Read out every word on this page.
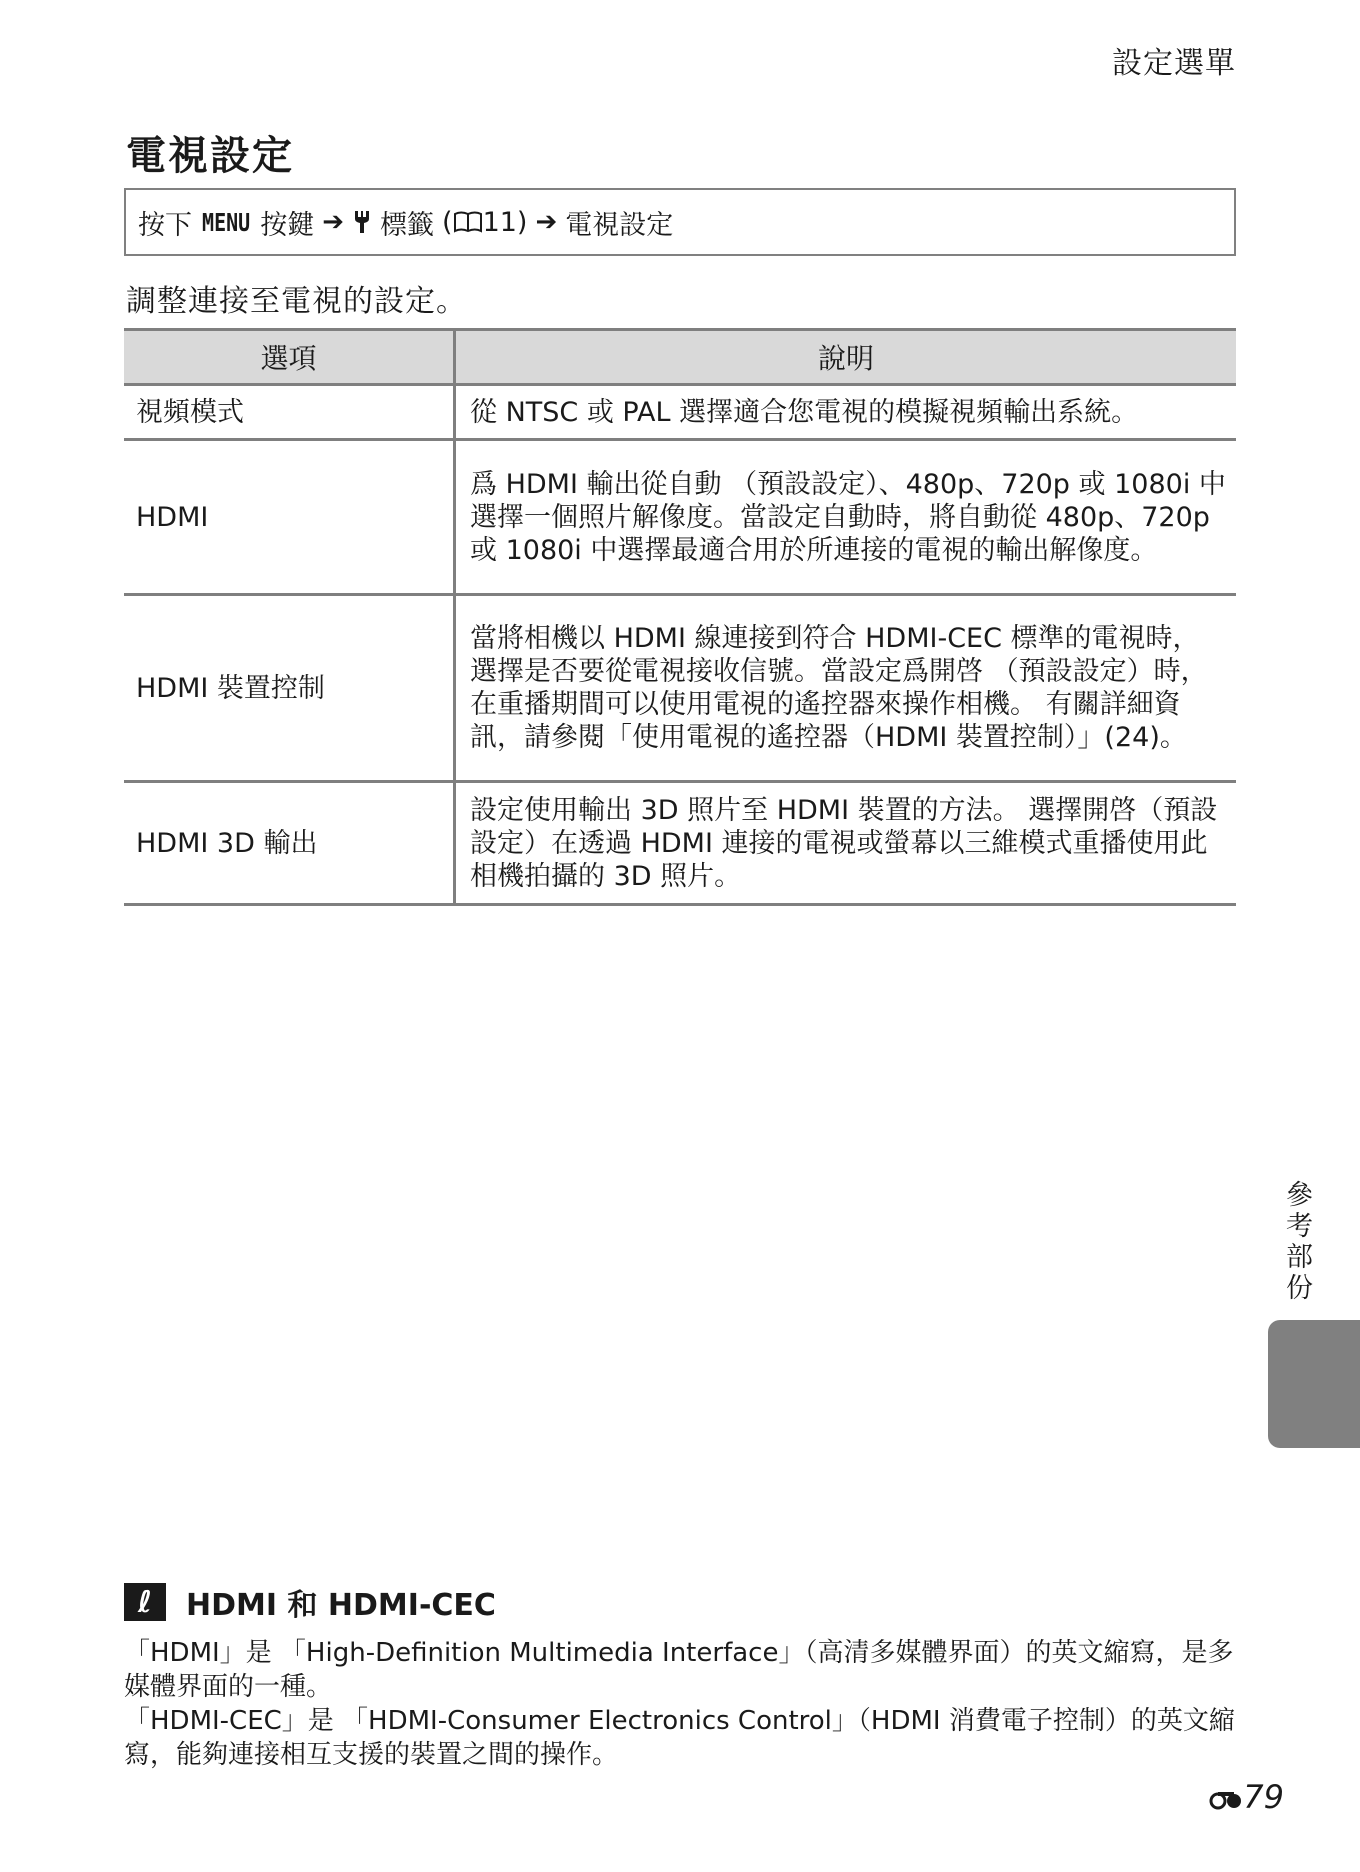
設定選單
電視設定
按下 MENU 按鍵 ➔ 標籤 ( 11) ➔ 電視設定
調整連接至電視的設定。
選項	說明
視頻模式	從 NTSC 或 PAL 選擇適合您電視的模擬視頻輸出系統。
HDMI	爲 HDMI 輸出從自動 （預設設定）、480p、720p 或 1080i 中選擇一個照片解像度。當設定自動時，將自動從 480p、720p 或 1080i 中選擇最適合用於所連接的電視的輸出解像度。
HDMI 裝置控制	當將相機以 HDMI 線連接到符合 HDMI-CEC 標準的電視時，選擇是否要從電視接收信號。當設定爲開啓 （預設設定）時，在重播期間可以使用電視的遙控器來操作相機。 有關詳細資訊，請參閱「使用電視的遙控器（HDMI 裝置控制）」(24)。
HDMI 3D 輸出	設定使用輸出 3D 照片至 HDMI 裝置的方法。 選擇開啓（預設設定）在透過 HDMI 連接的電視或螢幕以三維模式重播使用此相機拍攝的 3D 照片。
參考部份
ℓ	HDMI 和 HDMI-CEC

「HDMI」是 「High-Definition Multimedia Interface」（高清多媒體界面）的英文縮寫，是多媒體界面的一種。

「HDMI-CEC」是 「HDMI-Consumer Electronics Control」（HDMI 消費電子控制）的英文縮寫，能夠連接相互支援的裝置之間的操作。

79
